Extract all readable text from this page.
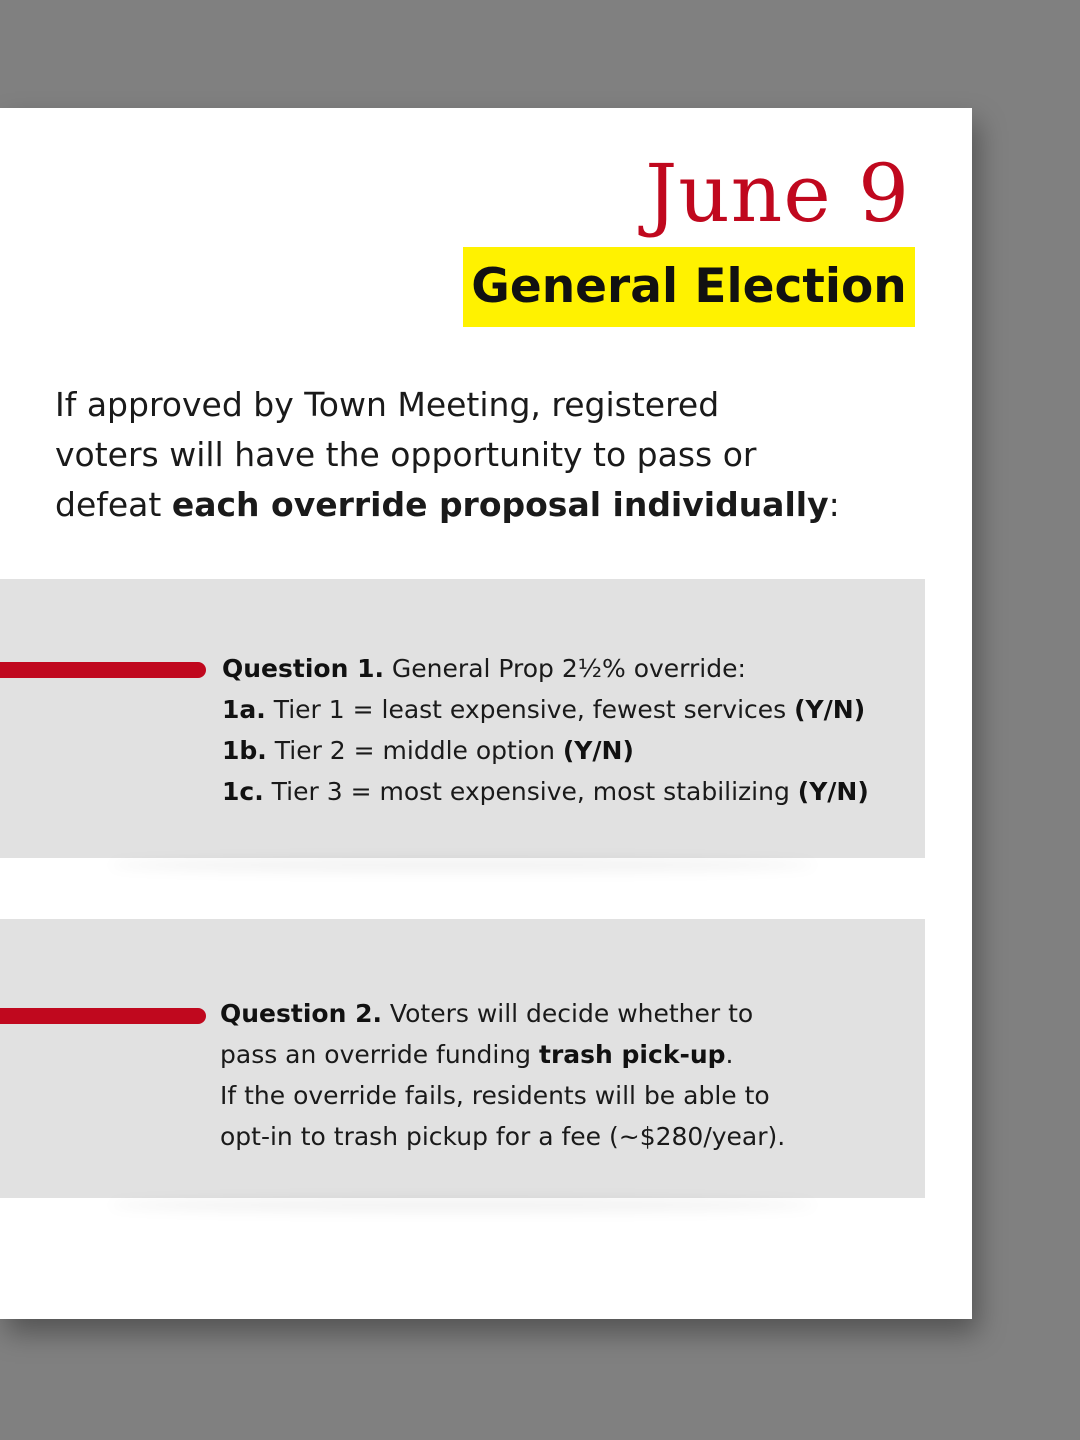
June 9
General Election

If approved by Town Meeting, registered

voters will have the opportunity to pass or

defeat each override proposal individually:

Question 1. General Prop 2½% override:

1a. Tier 1 = least expensive, fewest services (Y/N)

1b. Tier 2 = middle option (Y/N)

1c. Tier 3 = most expensive, most stabilizing (Y/N)

Question 2. Voters will decide whether to

pass an override funding trash pick-up.

If the override fails, residents will be able to

opt-in to trash pickup for a fee (~$280/year).
